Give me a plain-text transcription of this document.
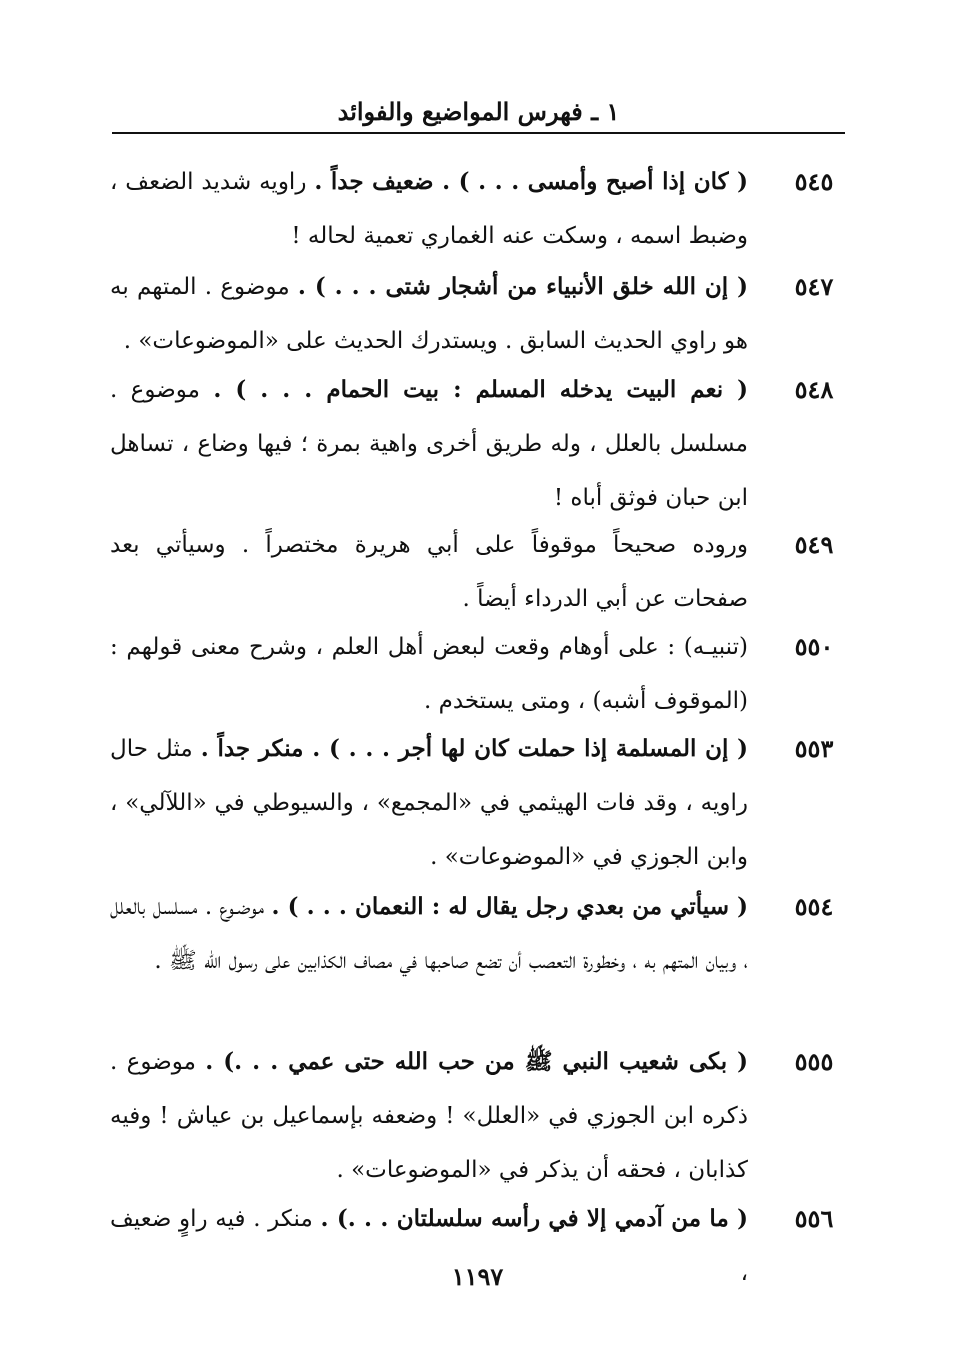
١ ـ فهرس المواضيع والفوائد
٥٤٥
( كان إذا أصبح وأمسى . . . ) . ضعيف جداً . راويه شديد الضعف ، وضبط اسمه ، وسكت عنه الغماري تعمية لحاله !
٥٤٧
( إن الله خلق الأنبياء من أشجار شتى . . . ) . موضوع . المتهم به هو راوي الحديث السابق . ويستدرك الحديث على «الموضوعات» .
٥٤٨
( نعم البيت يدخله المسلم : بيت الحمام . . . ) . موضوع . مسلسل بالعلل ، وله طريق أخرى واهية بمرة ؛ فيها وضاع ، تساهل ابن حبان فوثق أباه !
٥٤٩
وروده صحيحاً موقوفاً على أبي هريرة مختصراً . وسيأتي بعد صفحات عن أبي الدرداء أيضاً .
٥٥٠
(تنبيـه) : على أوهام وقعت لبعض أهل العلم ، وشرح معنى قولهم : (الموقوف أشبه) ، ومتى يستخدم .
٥٥٣
( إن المسلمة إذا حملت كان لها أجر . . . ) . منكر جداً . مثل حال راويه ، وقد فات الهيثمي في «المجمع» ، والسيوطي في «اللآلي» ، وابن الجوزي في «الموضوعات» .
٥٥٤
( سيأتي من بعدي رجل يقال له : النعمان . . . ) . موضـوع . مسلسل بالعلل ، وبيان المتهم به ، وخطورة التعصب أن تضع صاحبها في مصاف الكذابين على رسول الله ﷺ .
٥٥٥
( بكى شعيب النبي ﷺ من حب الله حتى عمي . . .) . موضوع . ذكره ابن الجوزي في «العلل» ! وضعفه بإسماعيل بن عياش ! وفيه كذابان ، فحقه أن يذكر في «الموضوعات» .
٥٥٦
( ما من آدمي إلا في رأسه سلسلتان . . .) . منكر . فيه راوٍ ضعيف ،
١١٩٧
